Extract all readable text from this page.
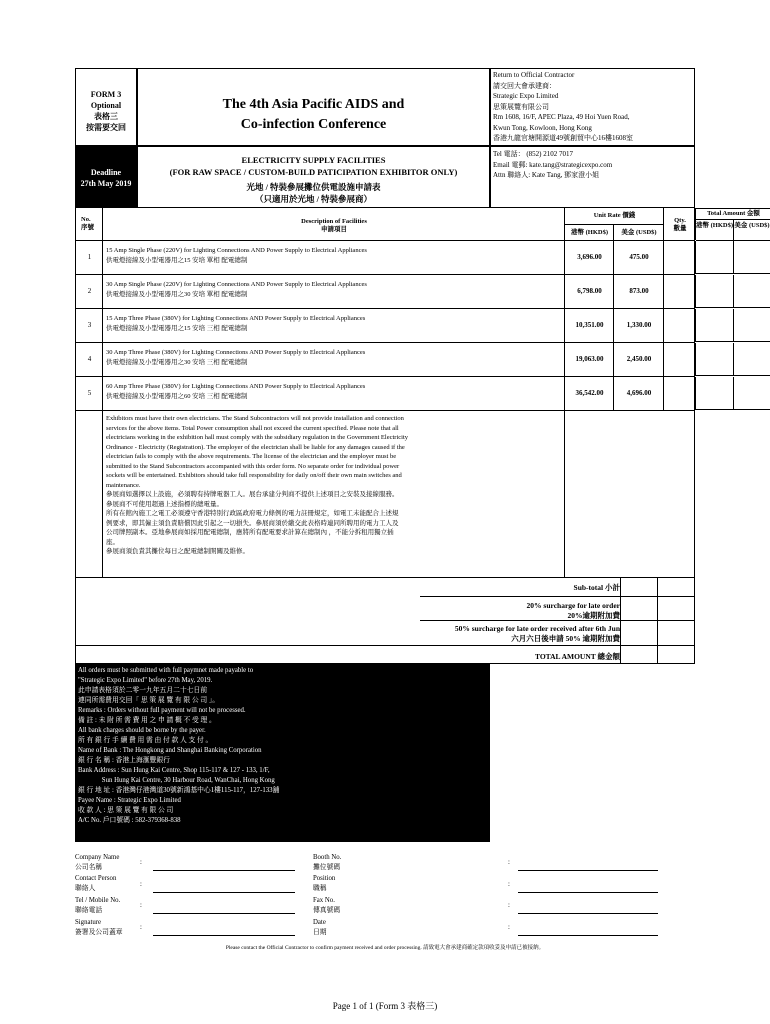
FORM 3
Optional
表格三
按需要交回
The 4th Asia Pacific AIDS and
Co-infection Conference
Return to Official Contractor
請交回大會承建商：
Strategic Expo Limited
思策展覽有限公司
Rm 1608, 16/F, APEC Plaza, 49 Hoi Yuen Road,
Kwun Tong, Kowloon, Hong Kong
香港九龍官塘開源道49號創貿中心16樓1608室
Deadline
27th May 2019
ELECTRICITY SUPPLY FACILITIES
(FOR RAW SPACE / CUSTOM-BUILD PATICIPATION EXHIBITOR ONLY)
光地 / 特裝參展攤位供電設施申請表
（只適用於光地 / 特裝參展商）
Tel 電話： (852) 2102 7017
Email 電郵: kate.tang@strategicexpo.com
Attn 聯絡人: Kate Tang, 鄧家澄小姐
No.
序號
Description of Facilities
申請項目
Unit Rate 價錢
港幣 (HKD$)	美金 (USD$)
Qty.
數量
Total Amount 金額
港幣 (HKD$) 美金 (USD$)
1
15 Amp Single Phase (220V) for Lighting Connections AND Power Supply to Electrical Appliances
供電燈接線及小型電器用之15 安培 單相 配電總制	3,696.00	475.00
2
30 Amp Single Phase (220V) for Lighting Connections AND Power Supply to Electrical Appliances
供電燈接線及小型電器用之30 安培 單相 配電總制	6,798.00	873.00
3
15 Amp Three Phase (380V) for Lighting Connections AND Power Supply to Electrical Appliances
供電燈接線及小型電器用之15 安培 三相 配電總制	10,351.00	1,330.00
4
30 Amp Three Phase (380V) for Lighting Connections AND Power Supply to Electrical Appliances
供電燈接線及小型電器用之30 安培 三相 配電總制	19,063.00	2,450.00
5
60 Amp Three Phase (380V) for Lighting Connections AND Power Supply to Electrical Appliances
供電燈接線及小型電器用之60 安培 三相 配電總制	36,542.00	4,696.00
Exhibitors must have their own electricians. The Stand Subcontractors will not provide installation and connection
services for the above items. Total Power consumption shall not exceed the current specified. Please note that all
electricians working in the exhibition hall must comply with the subsidiary regulation in the Government Electricity
Ordinance - Electricity (Registration). The employer of the electrician shall be liable for any damages caused if the
electrician fails to comply with the above requirements. The license of the electrician and the employer must be
submitted to the Stand Subcontractors accompanied with this order form. No separate order for individual power
sockets will be entertained. Exhibitors should take full responsibility for daily on/off their own main switches and
maintenance.
參展商如選擇以上設施，必須聘有持牌電器工人。展台承建分判商不提供上述項目之安裝及接線服務。
參展商不可使用超過上述指標的總電量。
所有在館內施工之電工必須遵守香港特別行政區政府電力條例的電力註冊規定，如電工未能配合上述規
例要求，即其僱主須負責賠償因此引起之一切損失。參展商須於繳交此表格時連同所聘用的電力工人及
公司牌照副本。亞地參展商如採用配電總制，應將所有配電要求計算在總制內 ，不能分拆租用獨立插
座。
參展商須負責其攤位每日之配電總制開關及維修。
Sub-total 小計
20% surcharge for late order
20%逾期附加費
50% surcharge for late order received after 6th Jun
六月六日後申請 50% 逾期附加費
TOTAL AMOUNT 總金額
All orders must be submitted with full paymnet made payable to
"Strategic Expo Limited" before 27th May, 2019.
此申請表格須於二零一九年五月二十七日前
連同所需費用交回「 思 策 展 覽 有 限 公 司 」。
Remarks : Orders without full payment will not be processed.
備 註 : 未 附 所 需 費 用 之 申 請 概 不 受 理 。
All bank charges should be borne by the payer.
所 有 銀 行 手 續 費 用 需 由 付 款 人 支 付 。
Name of Bank : The Hongkong and Shanghai Banking Corporation
銀 行 名 稱 : 香港上海滙豐銀行
Bank Address : Sun Hung Kai Centre, Shop 115-117 & 127 - 133, 1/F,
Sun Hung Kai Centre, 30 Harbour Road, WanChai, Hong Kong
銀 行 地 址 : 香港灣仔港灣道30號新鴻基中心1樓115-117，127-133舖
Payee Name : Strategic Expo Limited
收 款 人 : 思 策 展 覽 有 限 公 司
A/C No. 戶口號碼 : 582-379368-838
Company Name
公司名稱
Contact Person
聯絡人
Tel / Mobile No.
聯絡電話
Signature
簽署及公司蓋章
:
:
:
:
Booth No.
攤位號碼
Position
職稱
Fax No.
傳真號碼
Date
日期
:
:
:
:
Please contact the Official Contractor to confirm payment received and order processing. 請致電大會承建商確定款項收妥及申請已被接納。
Page 1 of 1 (Form 3 表格三)
